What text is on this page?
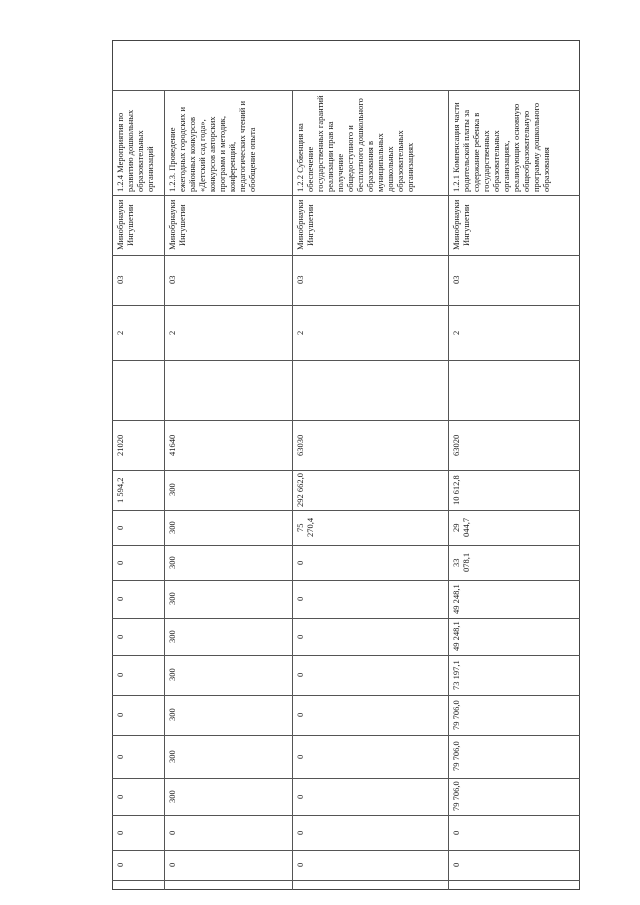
1.2.1 Компенсация части родительской платы за содержание ребенка в государственных образовательных организациях, реализующих основную общеобразовательную программу дошкольного образования
Минобрнауки Ингушетии
03
2
63020
10 612,8
29 044,7
33 078,1
49 248,1
49 248,1
73 197,1
79 706,0
79 706,0
79 706,0
0
0
1.2.2 Субвенция на обеспечение государственных гарантий реализации прав на получение общедоступного и бесплатного дошкольного образования в муниципальных дошкольных образовательных организациях
Минобрнауки Ингушетии
03
2
63030
292 662,0
75 270,4
0
0
0
0
0
0
0
0
0
1.2.3. Проведение ежегодных городских и районных конкурсов «Детский сад года», конкурсов авторских программ и методик, конференций, педагогических чтений и обобщение опыта
Минобрнауки Ингушетии
03
2
41640
300
300
300
300
300
300
300
300
300
0
0
1.2.4 Мероприятия по развитию дошкольных образовательных организаций
Минобрнауки Ингушетии
03
2
21020
1 594,2
0
0
0
0
0
0
0
0
0
0
